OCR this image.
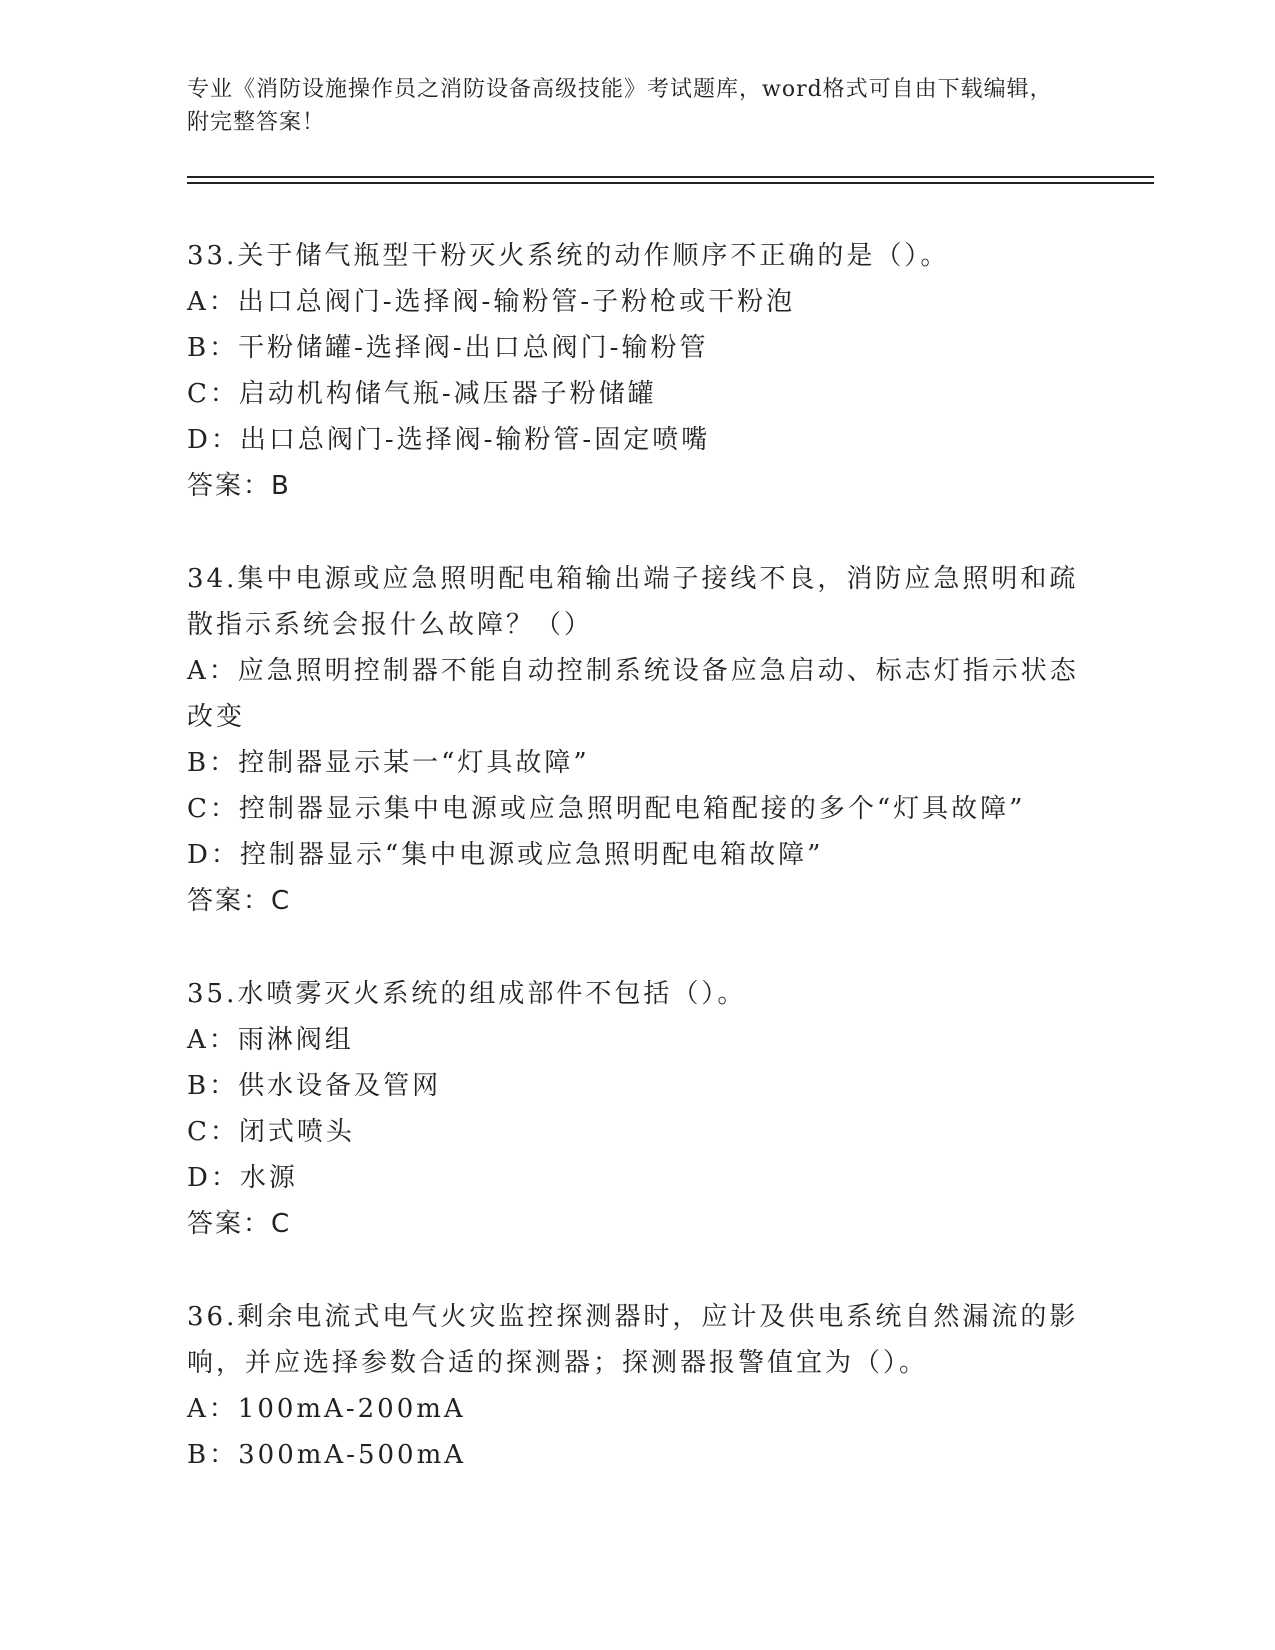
专业《消防设施操作员之消防设备高级技能》考试题库，word格式可自由下载编辑，附完整答案！
33.关于储气瓶型干粉灭火系统的动作顺序不正确的是（）。
A：出口总阀门-选择阀-输粉管-子粉枪或干粉泡
B：干粉储罐-选择阀-出口总阀门-输粉管
C：启动机构储气瓶-减压器子粉储罐
D：出口总阀门-选择阀-输粉管-固定喷嘴
答案：B
34.集中电源或应急照明配电箱输出端子接线不良，消防应急照明和疏散指示系统会报什么故障？（）
A：应急照明控制器不能自动控制系统设备应急启动、标志灯指示状态改变
B：控制器显示某一“灯具故障”
C：控制器显示集中电源或应急照明配电箱配接的多个“灯具故障”
D：控制器显示“集中电源或应急照明配电箱故障”
答案：C
35.水喷雾灭火系统的组成部件不包括（）。
A：雨淋阀组
B：供水设备及管网
C：闭式喷头
D：水源
答案：C
36.剩余电流式电气火灾监控探测器时，应计及供电系统自然漏流的影响，并应选择参数合适的探测器；探测器报警值宜为（）。
A：100mA-200mA
B：300mA-500mA
